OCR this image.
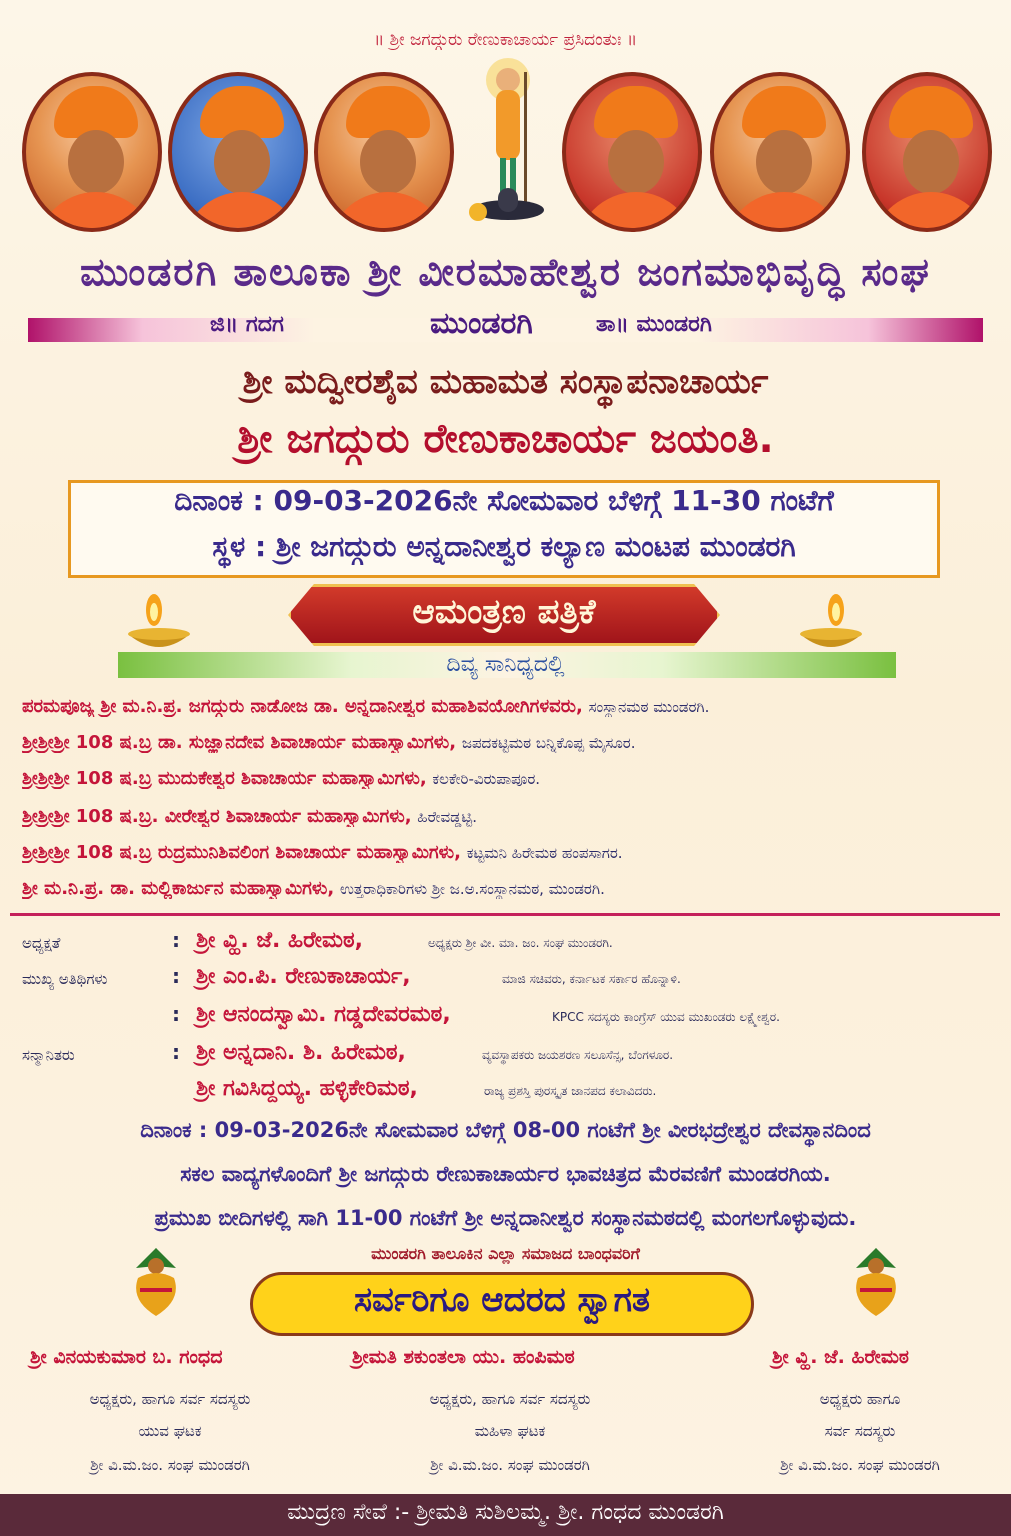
॥ ಶ್ರೀ ಜಗದ್ಗುರು ರೇಣುಕಾಚಾರ್ಯ ಪ್ರಸಿದಂತುಃ ॥
ಮುಂಡರಗಿ ತಾಲೂಕಾ ಶ್ರೀ ವೀರಮಾಹೇಶ್ವರ ಜಂಗಮಾಭಿವೃದ್ಧಿ ಸಂಘ
ಜಿ॥ ಗದಗ	ಮುಂಡರಗಿ	ತಾ॥ ಮುಂಡರಗಿ
ಶ್ರೀ ಮದ್ವೀರಶೈವ ಮಹಾಮತ ಸಂಸ್ಥಾಪನಾಚಾರ್ಯ
ಶ್ರೀ ಜಗದ್ಗುರು ರೇಣುಕಾಚಾರ್ಯ ಜಯಂತಿ.
ದಿನಾಂಕ : 09-03-2026ನೇ ಸೋಮವಾರ ಬೆಳಿಗ್ಗೆ 11-30 ಗಂಟೆಗೆ
ಸ್ಥಳ : ಶ್ರೀ ಜಗದ್ಗುರು ಅನ್ನದಾನೀಶ್ವರ ಕಲ್ಯಾಣ ಮಂಟಪ ಮುಂಡರಗಿ
ಆಮಂತ್ರಣ ಪತ್ರಿಕೆ
ದಿವ್ಯ ಸಾನಿಧ್ಯದಲ್ಲಿ
ಪರಮಪೂಜ್ಯ ಶ್ರೀ ಮ.ನಿ.ಪ್ರ. ಜಗದ್ಗುರು ನಾಡೋಜ ಡಾ. ಅನ್ನದಾನೀಶ್ವರ ಮಹಾಶಿವಯೋಗಿಗಳವರು, ಸಂಸ್ಥಾನಮಠ ಮುಂಡರಗಿ.
ಶ್ರೀಶ್ರೀಶ್ರೀ 108 ಷ.ಬ್ರ ಡಾ. ಸುಜ್ಞಾನದೇವ ಶಿವಾಚಾರ್ಯ ಮಹಾಸ್ವಾಮಿಗಳು, ಜಪದಕಟ್ಟಿಮಠ ಬನ್ನಿಕೊಪ್ಪ ಮೈಸೂರ.
ಶ್ರೀಶ್ರೀಶ್ರೀ 108 ಷ.ಬ್ರ ಮುದುಕೇಶ್ವರ ಶಿವಾಚಾರ್ಯ ಮಹಾಸ್ವಾಮಿಗಳು, ಕಲಕೇರಿ-ವಿರುಪಾಪೂರ.
ಶ್ರೀಶ್ರೀಶ್ರೀ 108 ಷ.ಬ್ರ. ವೀರೇಶ್ವರ ಶಿವಾಚಾರ್ಯ ಮಹಾಸ್ವಾಮಿಗಳು, ಹಿರೇವಡ್ಡಟ್ಟಿ.
ಶ್ರೀಶ್ರೀಶ್ರೀ 108 ಷ.ಬ್ರ ರುದ್ರಮುನಿಶಿವಲಿಂಗ ಶಿವಾಚಾರ್ಯ ಮಹಾಸ್ವಾಮಿಗಳು, ಕಟ್ಟಮನಿ ಹಿರೇಮಠ ಹಂಪಸಾಗರ.
ಶ್ರೀ ಮ.ನಿ.ಪ್ರ. ಡಾ. ಮಲ್ಲಿಕಾರ್ಜುನ ಮಹಾಸ್ವಾಮಿಗಳು, ಉತ್ತರಾಧಿಕಾರಿಗಳು ಶ್ರೀ ಜ.ಅ.ಸಂಸ್ಥಾನಮಠ, ಮುಂಡರಗಿ.
ಅಧ್ಯಕ್ಷತೆ	: ಶ್ರೀ ವ್ಹಿ. ಜೆ. ಹಿರೇಮಠ,	ಅಧ್ಯಕ್ಷರು ಶ್ರೀ ವೀ. ಮಾ. ಜಂ. ಸಂಘ ಮುಂಡರಗಿ.
ಮುಖ್ಯ ಅತಿಥಿಗಳು	: ಶ್ರೀ ಎಂ.ಪಿ. ರೇಣುಕಾಚಾರ್ಯ,	ಮಾಜಿ ಸಚಿವರು, ಕರ್ನಾಟಕ ಸರ್ಕಾರ ಹೊನ್ನಾಳಿ.
: ಶ್ರೀ ಆನಂದಸ್ವಾಮಿ. ಗಡ್ಡದೇವರಮಠ,	KPCC ಸದಸ್ಯರು ಕಾಂಗ್ರೆಸ್ ಯುವ ಮುಖಂಡರು ಲಕ್ಷ್ಮೇಶ್ವರ.
ಸನ್ಮಾನಿತರು	: ಶ್ರೀ ಅನ್ನದಾನಿ. ಶಿ. ಹಿರೇಮಠ,	ವ್ಯವಸ್ಥಾಪಕರು ಜಯಶರಣ ಸಲೂಸೆನ್ಸ, ಬೆಂಗಳೂರ.
ಶ್ರೀ ಗವಿಸಿದ್ದಯ್ಯ. ಹಳ್ಳಿಕೇರಿಮಠ,	ರಾಜ್ಯ ಪ್ರಶಸ್ತಿ ಪುರಸ್ಕೃತ ಜಾನಪದ ಕಲಾವಿದರು.
ದಿನಾಂಕ : 09-03-2026ನೇ ಸೋಮವಾರ ಬೆಳಿಗ್ಗೆ 08-00 ಗಂಟೆಗೆ ಶ್ರೀ ವೀರಭದ್ರೇಶ್ವರ ದೇವಸ್ಥಾನದಿಂದ
ಸಕಲ ವಾದ್ಯಗಳೊಂದಿಗೆ ಶ್ರೀ ಜಗದ್ಗುರು ರೇಣುಕಾಚಾರ್ಯರ ಭಾವಚಿತ್ರದ ಮೆರವಣಿಗೆ ಮುಂಡರಗಿಯ.
ಪ್ರಮುಖ ಬೀದಿಗಳಲ್ಲಿ ಸಾಗಿ 11-00 ಗಂಟೆಗೆ ಶ್ರೀ ಅನ್ನದಾನೀಶ್ವರ ಸಂಸ್ಥಾನಮಠದಲ್ಲಿ ಮಂಗಲಗೊಳ್ಳುವುದು.
ಮುಂಡರಗಿ ತಾಲೂಕಿನ ಎಲ್ಲಾ ಸಮಾಜದ ಬಾಂಧವರಿಗೆ
ಸರ್ವರಿಗೂ ಆದರದ ಸ್ವಾಗತ
ಶ್ರೀ ವಿನಯಕುಮಾರ ಬ. ಗಂಧದ
ಅಧ್ಯಕ್ಷರು, ಹಾಗೂ ಸರ್ವ ಸದಸ್ಯರು
ಯುವ ಘಟಕ
ಶ್ರೀ ವಿ.ಮ.ಜಂ. ಸಂಘ ಮುಂಡರಗಿ
ಶ್ರೀಮತಿ ಶಕುಂತಲಾ ಯು. ಹಂಪಿಮಠ
ಅಧ್ಯಕ್ಷರು, ಹಾಗೂ ಸರ್ವ ಸದಸ್ಯರು
ಮಹಿಳಾ ಘಟಕ
ಶ್ರೀ ವಿ.ಮ.ಜಂ. ಸಂಘ ಮುಂಡರಗಿ
ಶ್ರೀ ವ್ಹಿ. ಜೆ. ಹಿರೇಮಠ
ಅಧ್ಯಕ್ಷರು ಹಾಗೂ
ಸರ್ವ ಸದಸ್ಯರು
ಶ್ರೀ ವಿ.ಮ.ಜಂ. ಸಂಘ ಮುಂಡರಗಿ
ಮುದ್ರಣ ಸೇವೆ :- ಶ್ರೀಮತಿ ಸುಶಿಲಮ್ಮ. ಶ್ರೀ. ಗಂಧದ ಮುಂಡರಗಿ
